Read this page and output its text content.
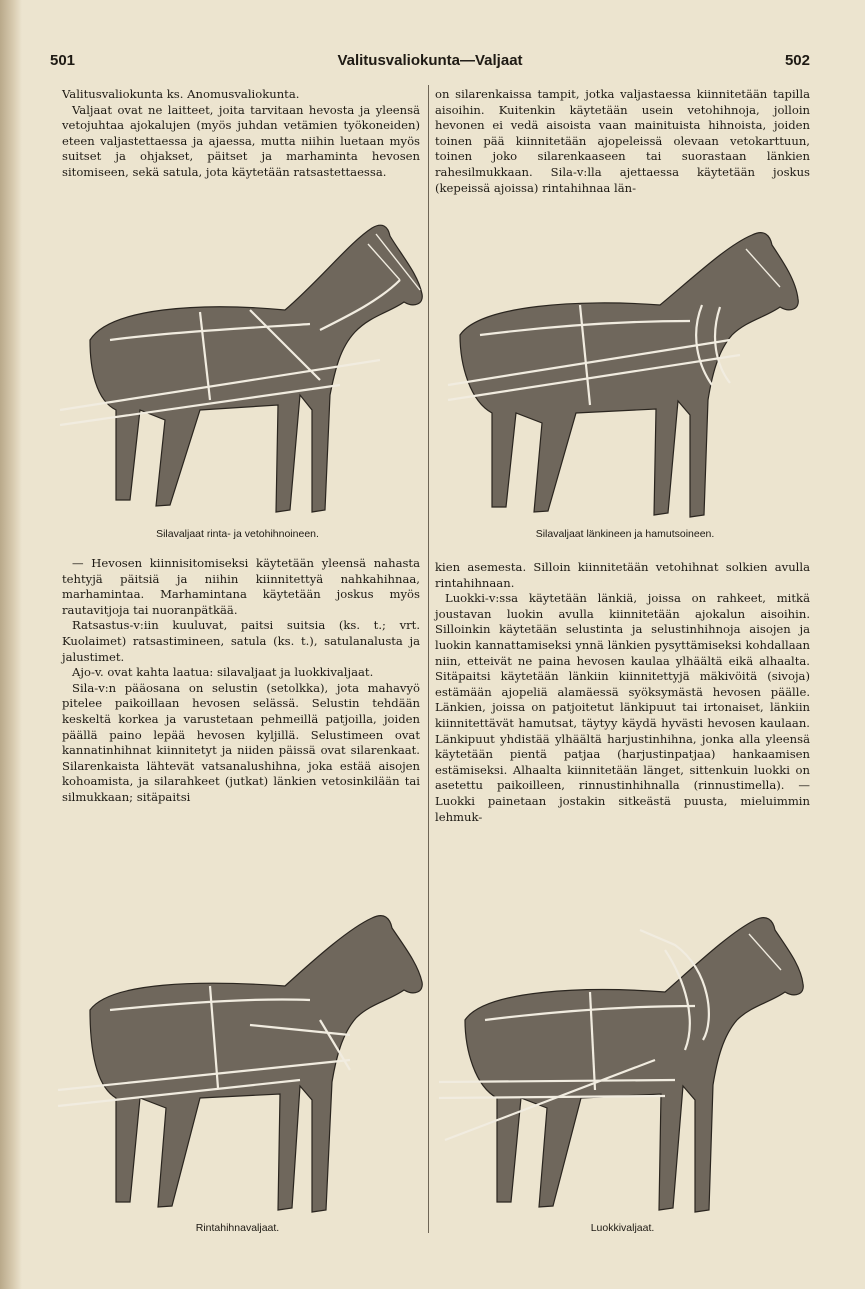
501	Valitusvaliokunta—Valjaat	502

Valitusvaliokunta ks. Anomusvaliokunta.

Valjaat ovat ne laitteet, joita tarvitaan hevosta ja yleensä vetojuhtaa ajokalujen (myös juhdan vetämien työkoneiden) eteen valjastettaessa ja ajaessa, mutta niihin luetaan myös suitset ja ohjakset, päitset ja marhaminta hevosen sitomiseen, sekä satula, jota käytetään ratsastettaessa.

Silavaljaat rinta- ja vetohihnoineen.

— Hevosen kiinnisitomiseksi käytetään yleensä nahasta tehtyjä päitsiä ja niihin kiinnitettyä nahkahihnaa, marhamintaa. Marhamintana käytetään joskus myös rautavitjoja tai nuoranpätkää.

Ratsastus-v:iin kuuluvat, paitsi suitsia (ks. t.; vrt. Kuolaimet) ratsastimineen, satula (ks. t.), satulanalusta ja jalustimet.

Ajo-v. ovat kahta laatua: silavaljaat ja luokkivaljaat.

Sila-v:n pääosana on selustin (setolkka), jota mahavyö pitelee paikoillaan hevosen selässä. Selustin tehdään keskeltä korkea ja varustetaan pehmeillä patjoilla, joiden päällä paino lepää hevosen kyljillä. Selustimeen ovat kannatinhihnat kiinnitetyt ja niiden päissä ovat silarenkaat. Silarenkaista lähtevät vatsanalushihna, joka estää aisojen kohoamista, ja silarahkeet (jutkat) länkien vetosinkilään tai silmukkaan; sitäpaitsi

Rintahihnavaljaat.

on silarenkaissa tampit, jotka valjastaessa kiinnitetään tapilla aisoihin. Kuitenkin käytetään usein vetohihnoja, jolloin hevonen ei vedä aisoista vaan mainituista hihnoista, joiden toinen pää kiinnitetään ajopeleissä olevaan vetokarttuun, toinen joko silarenkaaseen tai suorastaan länkien rahesilmukkaan. Sila-v:lla ajettaessa käytetään joskus (kepeissä ajoissa) rintahihnaa län-

Silavaljaat länkineen ja hamutsoineen.

kien asemesta. Silloin kiinnitetään vetohihnat solkien avulla rintahihnaan.

Luokki-v:ssa käytetään länkiä, joissa on rahkeet, mitkä joustavan luokin avulla kiinnitetään ajokalun aisoihin. Silloinkin käytetään selustinta ja selustinhihnoja aisojen ja luokin kannattamiseksi ynnä länkien pysyttämiseksi kohdallaan niin, etteivät ne paina hevosen kaulaa ylhäältä eikä alhaalta. Sitäpaitsi käytetään länkiin kiinnitettyjä mäkivöitä (sivoja) estämään ajopeliä alamäessä syöksymästä hevosen päälle. Länkien, joissa on patjoitetut länkipuut tai irtonaiset, länkiin kiinnitettävät hamutsat, täytyy käydä hyvästi hevosen kaulaan. Länkipuut yhdistää ylhäältä harjustinhihna, jonka alla yleensä käytetään pientä patjaa (harjustinpatjaa) hankaamisen estämiseksi. Alhaalta kiinnitetään länget, sittenkuin luokki on asetettu paikoilleen, rinnustinhihnalla (rinnustimella). — Luokki painetaan jostakin sitkeästä puusta, mieluimmin lehmuk-

Luokkivaljaat.
